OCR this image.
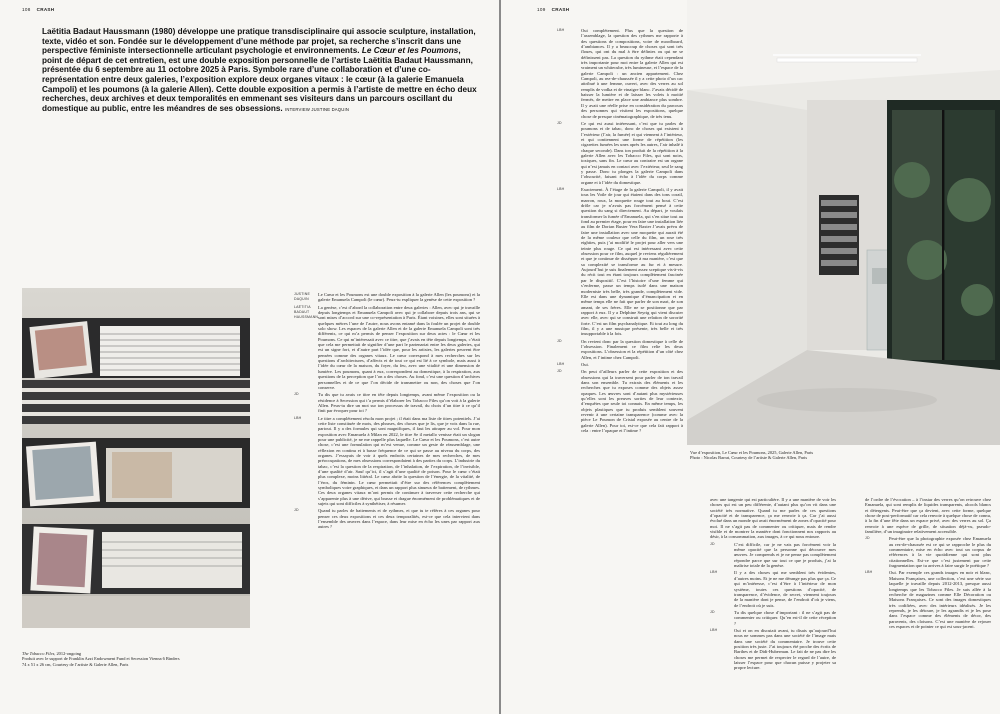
108 CRASH

Laëtitia Badaut Haussmann (1980) développe une pratique transdisciplinaire qui associe sculpture, installation, texte, vidéo et son. Fondée sur le développement d’une méthode par projet, sa recherche s’inscrit dans une perspective féministe intersectionnelle articulant psychologie et environnements. Le Cœur et les Poumons, point de départ de cet entretien, est une double exposition personnelle de l’artiste Laëtitia Badaut Haussmann, présentée du 6 septembre au 11 octobre 2025 à Paris. Symbole rare d’une collaboration et d’une co-représentation entre deux galeries, l’exposition explore deux organes vitaux : le cœur (à la galerie Emanuela Campoli) et les poumons (à la galerie Allen). Cette double exposition a permis à l’artiste de mettre en écho deux recherches, deux archives et deux temporalités en emmenant ses visiteurs dans un parcours oscillant du domestique au public, entre les méandres de ses obsessions. INTERVIEW JUSTINE DAQUIN

The Tobacco Files, 2012-ongoing
Produit avec le support de Franklin Azzi Endowment Fund et Secession Vienna 6 Binders
74 x 51 x 26 cm, Courtesy de l’artiste & Galerie Allen, Paris

JUSTINE DAQUIN
Le Cœur et les Poumons est une double exposition à la galerie Allen (les poumons) et la galerie Emanuela Campoli (le cœur). Peux-tu expliquer la genèse de cette exposition ?

LAËTITIA BADAUT HAUSSMANN
La genèse, c’est d’abord la collaboration entre deux galeries : Allen, avec qui je travaille depuis longtemps et Emanuela Campoli avec qui je collabore depuis trois ans, qui se sont mises d’accord sur une co-représentation à Paris. Étant voisines, elles sont situées à quelques mètres l’une de l’autre, nous avons entamé dans la foulée un projet de double solo show. Les espaces de la galerie Allen et de la galerie Emanuela Campoli sont très différents, ce qui m’a permis de penser l’exposition sur deux actes : le Cœur et les Poumons. Ce qui m’intéressait avec ce titre, que j’avais en tête depuis longtemps, c’était que cela me permettait de signifier d’une part le partenariat entre les deux galeries, qui est un signe fort, et d’autre part l’idée que, pour les artistes, les galeries peuvent être pensées comme des organes vitaux. Le cœur correspond à mes recherches sur les questions d’architectures, d’affects et de tout ce qui est lié à ce symbole, mais aussi à l’idée du cœur de la maison, du foyer, du feu, avec une vitalité et une dimension de lumière. Les poumons, quant à eux, correspondent au domestique, à la respiration, aux questions de la perception que l’on a des choses. Au fond, c’est une question d’archives personnelles et de ce que l’on décide de transmettre ou non, des choses que l’on conserve.

JD	Tu dis que tu avais ce titre en tête depuis longtemps, avant même l’exposition ou la résidence à Secession qui t’a permis d’élaborer les Tobacco Files qu’on voit à la galerie Allen. Peux-tu dire un mot sur ton processus de travail, du choix d’un titre à ce qu’il finit par évoquer pour toi ?

LBH	Le titre a complètement résolu mon projet ; il était dans ma liste de titres potentiels. J’ai cette liste constituée de mots, des phrases, des choses que je lis, que je vois dans la rue, partout. Il y a des formules qui sont magnifiques, il faut les attraper au vol. Pour mon exposition avec Emanuela à Milan en 2022, le titre Se il metallo venisse était un slogan pour une publicité, je ne me rappelle plus laquelle. Le Cœur et les Poumons, c’est autre chose, c’est une formulation qui m’est venue, comme un geste de réassemblage, une réflexion en continu et à basse fréquence de ce qui se passe au niveau du corps, des organes. J’essayais de voir à quels endroits certaines de mes recherches, de mes préoccupations, de mes obsessions correspondaient à des parties du corps. L’industrie du tabac, c’est la question de la respiration, de l’inhalation, de l’expiration, de l’invisible, d’une qualité d’air. Sauf qu’ici, il s’agit d’une qualité de poison. Pour le cœur c’était plus complexe, moins littéral. Le cœur abrite la question de l’énergie, de la vitalité, de l’éros, du féminin. Le cœur permettait d’être sur des références complètement symboliques voire graphiques, et dans un rapport plus sinueux de battement, de rythmes. Ces deux organes vitaux m’ont permis de continuer à traverser cette recherche qui s’apparente plus à une dérive, qui brasse et drague énormément de problématiques et de sujets qui sont difficiles à synthétiser, à résumer.

JD	Quand tu parles de battements et de rythmes, et que tu te réfères à ces organes pour penser ces deux expositions et ces deux temporalités, est-ce que cela intervient dans l’ensemble des œuvres dans l’espace, dans leur mise en écho les unes par rapport aux autres ?

109 CRASH

LBH	Oui complètement. Plus que la question de l’assemblage, la question des rythmes me rapporte à des questions de compositions, voire de moodboard, d’ambiances. Il y a beaucoup de choses qui sont très floues, qui ont du mal à être définies ou qui ne se définissent pas. La question du rythme était cependant très importante pour moi entre la galerie Allen qui est vraiment un whitecube, très lumineuse, et l’espace de la galerie Campoli : un ancien appartement. Chez Campoli, au rez-de-chaussée il y a cette photo d’un cac attribué à une femme, ouvert, avec des verres au sol remplis de vodka et de vinaigre blanc. J’avais décidé de baisser la lumière et de laisser les volets à moitié fermés, de mettre en place une ambiance plus sombre. Il y avait une réelle prise en considération du parcours des personnes qui visitent les expositions, quelque chose de presque cinématographique, de très tenu.

JD	Ce qui est aussi intéressant, c’est que tu parles de poumons et de tabac, donc de choses qui existent à l’extérieur (l’air, la fumée) et qui viennent à l’intérieur, et qui contiennent une forme de répétition (les cigarettes fumées les unes après les autres, l’air inhalé à chaque seconde). Dans ton produit de la répétition à la galerie Allen avec les Tobacco Files, qui sont noirs, toxiques, sans fin. Le cœur au contraire est un organe qui n’est jamais en contact avec l’extérieur, seul le sang y passe. Donc tu plonges la galerie Campoli dans l’obscurité, faisant écho à l’idée du corps comme organe et à l’idée du domestique.

LBH	Exactement. À l’étage de la galerie Campoli, il y avait tous les Voile de jour qui étaient dans des tons corail, marron, roux, la moquette rouge tout au bout. C’est drôle car je n’avais pas forcément pensé à cette question du sang si directement. Au départ, je voulais transformer la fumée d’Emanuela, qui s’en situe tout au fond au premier étage, pour en faire une installation liée au film de Dorian Buster Vera Baxter J’avais prévu de faire une installation avec une moquette qui aurait été de la même couleur que celle du film, un rose très eighties, puis j’ai modifié le projet pour aller vers une teinte plus rouge. Ce qui est intéressant avec cette obsession pour ce film, auquel je reviens régulièrement et que je continue de disséquer à ma manière, c’est que sa complexité se transforme au fur et à mesure. Aujourd’hui je suis finalement assez sceptique vis-à-vis du récit tout en étant toujours complètement fascinée par le dispositif. C’est l’histoire d’une femme qui s’enferme, passe un temps isolé dans une maison moderniste très belle, très grande, complètement vide. Elle est dans une dynamique d’émancipation et en même temps elle ne fait que parler de son mari, de son amant, de ses frères. Elle ne se positionne que par rapport à eux. Il y a Delphine Seyrig qui vient discuter avec elle, avec qui se construit une relation de sororité forte. C’est un film psychanalytique. Et tout au long du film, il y a une musique présente, très belle et très insupportable à la fois.

JD	On revient donc par la question domestique à celle de l’obsession. Finalement ce film relie les deux expositions. L’obsession et la répétition d’un côté chez Allen, et l’intime chez Campoli.

LBH	Oui.

JD	On peut d’ailleurs parler de cette exposition et des obsessions qui la traversent pour parler de ton travail dans son ensemble. Tu extrais des éléments et les recherches que tu exposes comme des objets assez opaques. Les œuvres sont d’autant plus mystérieuses qu’elles sont les preuves sorties de leur contexte, d’enquêtes que seule toi connais. En même temps, les objets plastiques que tu produis semblent souvent revenir à une certaine transparence (comme avec la pièce Le Poumon de Cristal exposée au centre de la galerie Allen). Pour toi, est-ce que cela fait rapport à cela : entre l’opaque et l’intime ?

Vue d’exposition, Le Cœur et les Poumons, 2025, Galerie Allen, Paris
Photo : Nicolas Barrat, Courtesy de l’artiste & Galerie Allen, Paris

avec une tangente qui est particulière. Il y a une manière de voir les choses qui est un peu différente, d’autant plus qu’on vit dans une société très normative. Quand tu me parles de ces questions d’opacité et de transparence, ça me renvoie à ça. Car j’ai aussi évolué dans un monde qui avait énormément de zones d’opacité pour moi. Il ne s’agit pas de commenter ou critiquer, mais de rendre visible et de montrer la manière dont fonctionnent nos rapports au désir, à la consommation, aux images, à ce qui nous entoure.

JD	C’est difficile, car je ne vais pas forcément voir la même opacité que la personne qui découvre mes œuvres. Je comprends et je ne pense pas complètement répondre parce que sur tout ce que je produis, j’ai la maîtrise totale de la genèse.

LBH	Il y a des choses qui me semblent très évidentes, d’autres moins. Et je ne me dérange pas plus que ça. Ce qui m’intéresse, c’est d’être à l’intérieur de mon système, toutes ces questions d’opacité, de transparence, d’évidence, de secret, viennent toujours de la manière dont je pense, de l’endroit d’où je viens, de l’endroit où je suis.

JD	Tu dis quelque chose d’important : il ne s’agit pas de commenter ou critiquer. Qu’en est-il de cette réception ?

LBH	Oui et on en discutait avant, tu disais qu’aujourd’hui nous ne sommes pas dans une société de l’image mais dans une société du commentaire. Je trouve cette position très juste. J’ai toujours été proche des écrits de Barthes et de Didi-Huberman. Le fait de ne pas dire les choses me permet de respecter le regard de l’autre, de laisser l’espace pour que chacun puisse y projeter sa propre lecture.

de l’ordre de l’évocation – à l’instar des verres qu’on retrouve chez Emanuela, qui sont remplis de liquides transparents, alcools blancs et détergents. Peut-être que ça devient, avec cette forme, quelque chose de post-performatif car cela renvoie à quelque chose de connu, à la fin d’une fête dans un espace privé, avec des verres au sol. Ça renvoie à une espèce de grille, de situation déjà-vu, pseudo-familière, d’un imaginaire relativement accessible.

JD	Peut-être que la photographie exposée chez Emanuela au rez-de-chaussée est ce qui se rapproche le plus du commentaire, mise en écho avec tout un corpus de références à la vie quotidienne qui sont plus citationnelles. Est-ce que c’est justement par cette fragmentation que tu arrives à faire surgir le poétique ?

LBH	Oui. Par exemple ces grands images en noir et blanc, Maisons Françaises, une collection, c’est une série sur laquelle je travaille depuis 2012-2013, presque aussi longtemps que les Tobacco Files. Je suis allée à la recherche de magazines comme Elle Décoration ou Maisons Françaises. Ce sont des images domestiques très codifiées, avec des intérieurs idéalisés. Je les reprends, je les détoure, je les agrandis et je les pose dans l’espace comme des éléments de décor, des paravents, des cloisons. C’est une manière de rejouer ces espaces et de pointer ce qui est sous-jacent.
